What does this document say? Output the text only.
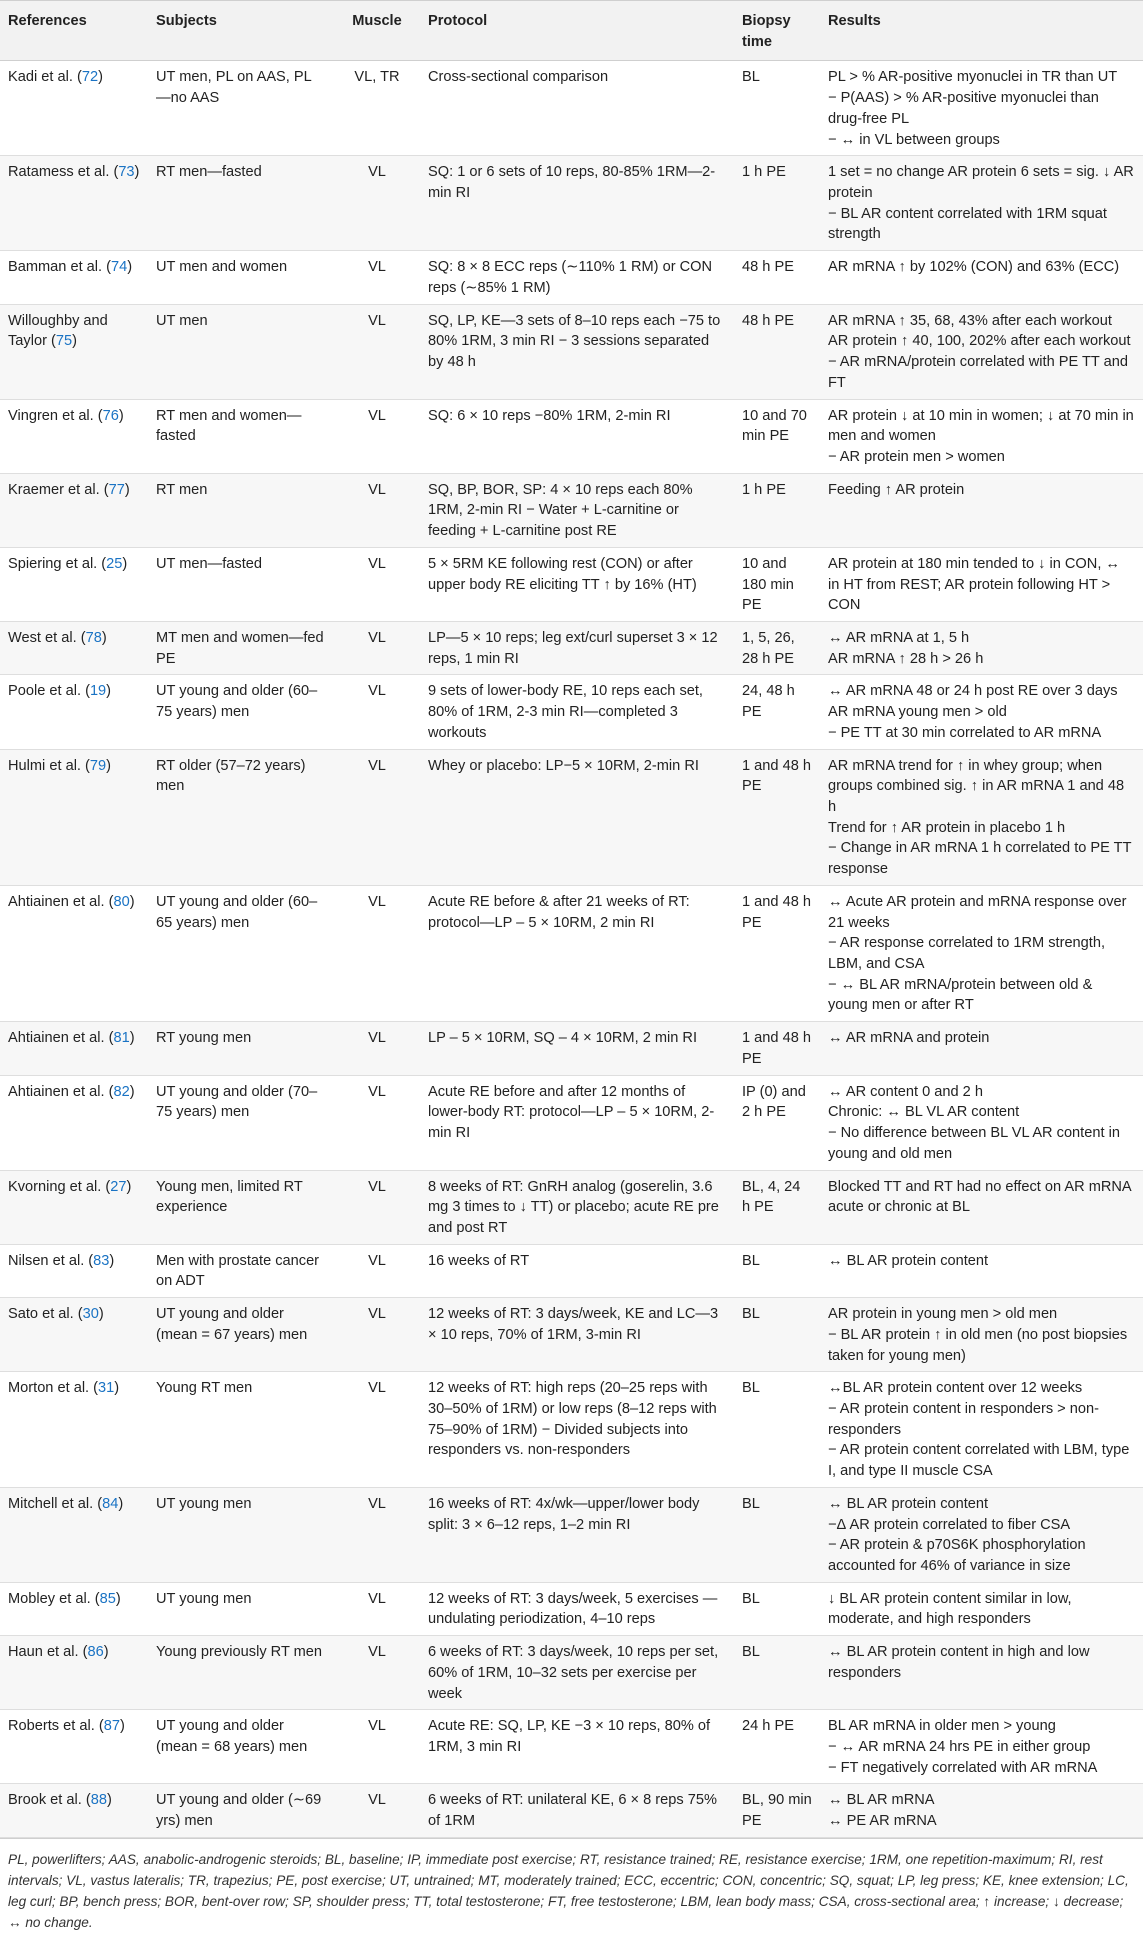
References	Subjects	Muscle	Protocol	Biopsy time	Results
Kadi et al. (72)	UT men, PL on AAS, PL—no AAS	VL, TR	Cross-sectional comparison	BL	PL > % AR-positive myonuclei in TR than UT
− P(AAS) > % AR-positive myonuclei than drug-free PL
− ↔ in VL between groups

Ratamess et al. (73)	RT men—fasted	VL	SQ: 1 or 6 sets of 10 reps, 80-85% 1RM—2-min RI	1 h PE	1 set = no change AR protein 6 sets = sig. ↓ AR protein
− BL AR content correlated with 1RM squat strength

Bamman et al. (74)	UT men and women	VL	SQ: 8 × 8 ECC reps (∼110% 1 RM) or CON reps (∼85% 1 RM)	48 h PE	AR mRNA ↑ by 102% (CON) and 63% (ECC)

Willoughby and Taylor (75)	UT men	VL	SQ, LP, KE—3 sets of 8–10 reps each −75 to 80% 1RM, 3 min RI − 3 sessions separated by 48 h	48 h PE	AR mRNA ↑ 35, 68, 43% after each workout
AR protein ↑ 40, 100, 202% after each workout
− AR mRNA/protein correlated with PE TT and FT

Vingren et al. (76)	RT men and women—fasted	VL	SQ: 6 × 10 reps −80% 1RM, 2-min RI	10 and 70 min PE	AR protein ↓ at 10 min in women; ↓ at 70 min in men and women
− AR protein men > women

Kraemer et al. (77)	RT men	VL	SQ, BP, BOR, SP: 4 × 10 reps each 80% 1RM, 2-min RI − Water + L-carnitine or feeding + L-carnitine post RE	1 h PE	Feeding ↑ AR protein

Spiering et al. (25)	UT men—fasted	VL	5 × 5RM KE following rest (CON) or after upper body RE eliciting TT ↑ by 16% (HT)	10 and 180 min PE	AR protein at 180 min tended to ↓ in CON, ↔ in HT from REST; AR protein following HT > CON

West et al. (78)	MT men and women—fed PE	VL	LP—5 × 10 reps; leg ext/curl superset 3 × 12 reps, 1 min RI	1, 5, 26, 28 h PE	↔ AR mRNA at 1, 5 h
AR mRNA ↑ 28 h > 26 h

Poole et al. (19)	UT young and older (60–75 years) men	VL	9 sets of lower-body RE, 10 reps each set, 80% of 1RM, 2-3 min RI—completed 3 workouts	24, 48 h PE	↔ AR mRNA 48 or 24 h post RE over 3 days
AR mRNA young men > old
− PE TT at 30 min correlated to AR mRNA

Hulmi et al. (79)	RT older (57–72 years) men	VL	Whey or placebo: LP−5 × 10RM, 2-min RI	1 and 48 h PE	AR mRNA trend for ↑ in whey group; when groups combined sig. ↑ in AR mRNA 1 and 48 h
Trend for ↑ AR protein in placebo 1 h
− Change in AR mRNA 1 h correlated to PE TT response

Ahtiainen et al. (80)	UT young and older (60–65 years) men	VL	Acute RE before & after 21 weeks of RT: protocol—LP – 5 × 10RM, 2 min RI	1 and 48 h PE	↔ Acute AR protein and mRNA response over 21 weeks
− AR response correlated to 1RM strength, LBM, and CSA
− ↔ BL AR mRNA/protein between old & young men or after RT

Ahtiainen et al. (81)	RT young men	VL	LP – 5 × 10RM, SQ – 4 × 10RM, 2 min RI	1 and 48 h PE	↔ AR mRNA and protein

Ahtiainen et al. (82)	UT young and older (70–75 years) men	VL	Acute RE before and after 12 months of lower-body RT: protocol—LP – 5 × 10RM, 2-min RI	IP (0) and 2 h PE	↔ AR content 0 and 2 h
Chronic: ↔ BL VL AR content
− No difference between BL VL AR content in young and old men

Kvorning et al. (27)	Young men, limited RT experience	VL	8 weeks of RT: GnRH analog (goserelin, 3.6 mg 3 times to ↓ TT) or placebo; acute RE pre and post RT	BL, 4, 24 h PE	Blocked TT and RT had no effect on AR mRNA acute or chronic at BL

Nilsen et al. (83)	Men with prostate cancer on ADT	VL	16 weeks of RT	BL	↔ BL AR protein content

Sato et al. (30)	UT young and older (mean = 67 years) men	VL	12 weeks of RT: 3 days/week, KE and LC—3 × 10 reps, 70% of 1RM, 3-min RI	BL	AR protein in young men > old men
− BL AR protein ↑ in old men (no post biopsies taken for young men)

Morton et al. (31)	Young RT men	VL	12 weeks of RT: high reps (20–25 reps with 30–50% of 1RM) or low reps (8–12 reps with 75–90% of 1RM) − Divided subjects into responders vs. non-responders	BL	↔BL AR protein content over 12 weeks
− AR protein content in responders > non-responders
− AR protein content correlated with LBM, type I, and type II muscle CSA

Mitchell et al. (84)	UT young men	VL	16 weeks of RT: 4x/wk—upper/lower body split: 3 × 6–12 reps, 1–2 min RI	BL	↔ BL AR protein content
−Δ AR protein correlated to fiber CSA
− AR protein & p70S6K phosphorylation accounted for 46% of variance in size

Mobley et al. (85)	UT young men	VL	12 weeks of RT: 3 days/week, 5 exercises —undulating periodization, 4–10 reps	BL	↓ BL AR protein content similar in low, moderate, and high responders

Haun et al. (86)	Young previously RT men	VL	6 weeks of RT: 3 days/week, 10 reps per set, 60% of 1RM, 10–32 sets per exercise per week	BL	↔ BL AR protein content in high and low responders

Roberts et al. (87)	UT young and older (mean = 68 years) men	VL	Acute RE: SQ, LP, KE −3 × 10 reps, 80% of 1RM, 3 min RI	24 h PE	BL AR mRNA in older men > young
− ↔ AR mRNA 24 hrs PE in either group
− FT negatively correlated with AR mRNA

Brook et al. (88)	UT young and older (∼69 yrs) men	VL	6 weeks of RT: unilateral KE, 6 × 8 reps 75% of 1RM	BL, 90 min PE	↔ BL AR mRNA
↔ PE AR mRNA
PL, powerlifters; AAS, anabolic-androgenic steroids; BL, baseline; IP, immediate post exercise; RT, resistance trained; RE, resistance exercise; 1RM, one repetition-maximum; RI, rest intervals; VL, vastus lateralis; TR, trapezius; PE, post exercise; UT, untrained; MT, moderately trained; ECC, eccentric; CON, concentric; SQ, squat; LP, leg press; KE, knee extension; LC, leg curl; BP, bench press; BOR, bent-over row; SP, shoulder press; TT, total testosterone; FT, free testosterone; LBM, lean body mass; CSA, cross-sectional area; ↑ increase; ↓ decrease; ↔ no change.
